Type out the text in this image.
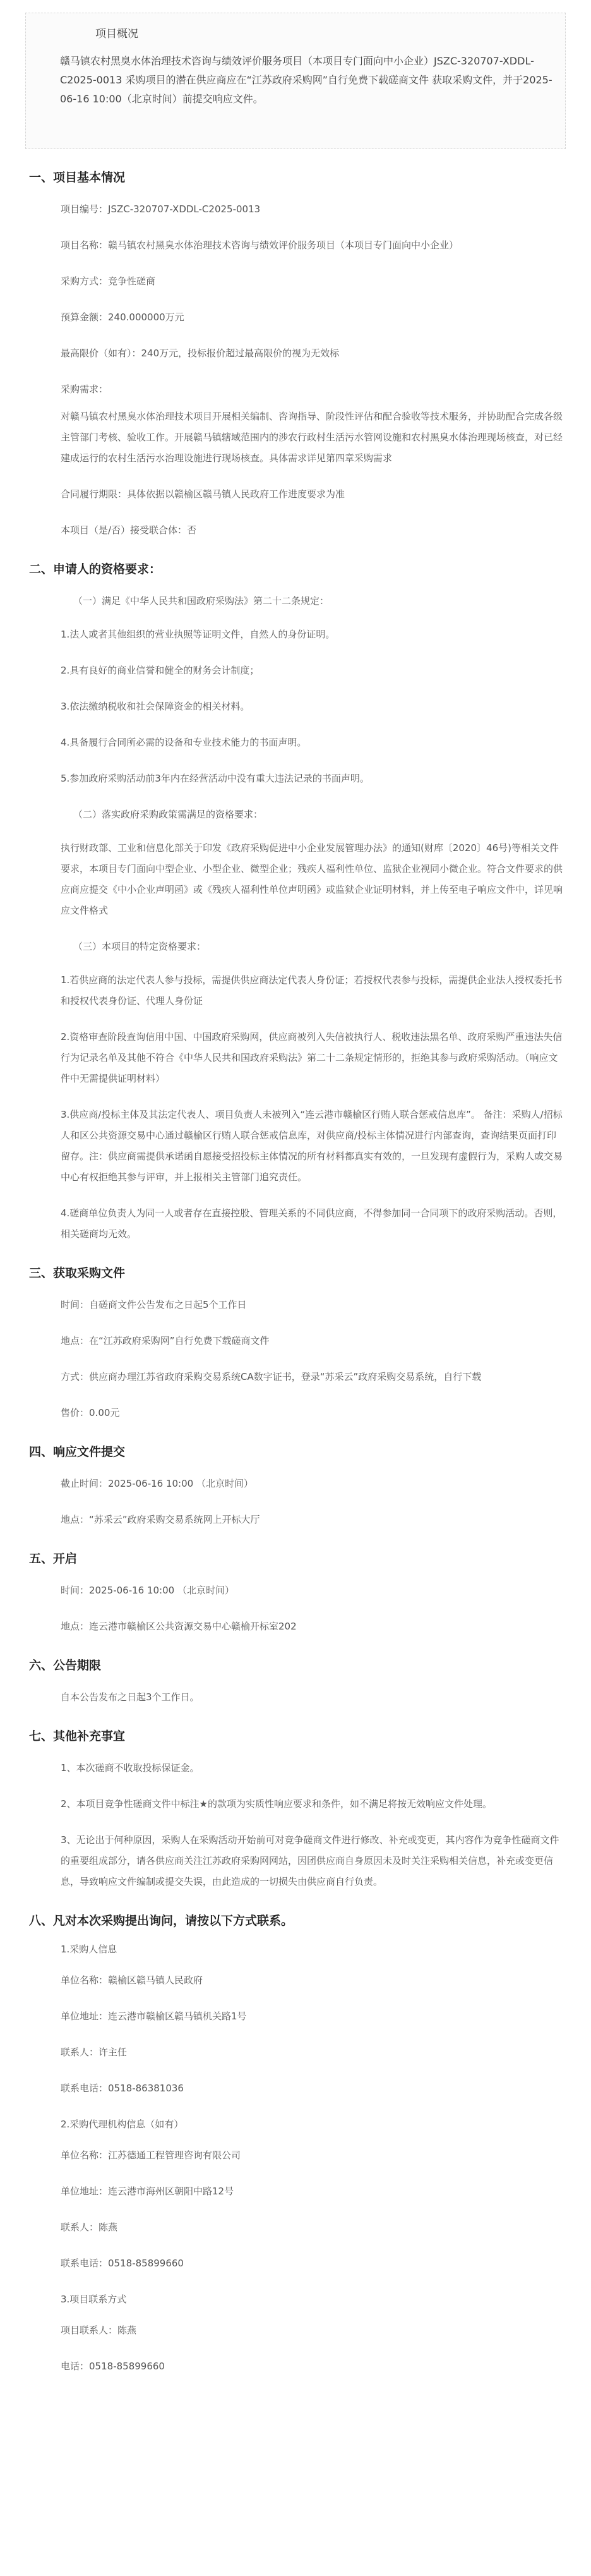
项目概况
赣马镇农村黑臭水体治理技术咨询与绩效评价服务项目（本项目专门面向中小企业）JSZC-320707-XDDL-C2025-0013 采购项目的潜在供应商应在“江苏政府采购网”自行免费下载磋商文件 获取采购文件，并于2025-06-16 10:00（北京时间）前提交响应文件。
一、项目基本情况
项目编号：JSZC-320707-XDDL-C2025-0013
项目名称：赣马镇农村黑臭水体治理技术咨询与绩效评价服务项目（本项目专门面向中小企业）
采购方式：竞争性磋商
预算金额：240.000000万元
最高限价（如有）：240万元，投标报价超过最高限价的视为无效标
采购需求：
对赣马镇农村黑臭水体治理技术项目开展相关编制、咨询指导、阶段性评估和配合验收等技术服务，并协助配合完成各级主管部门考核、验收工作。开展赣马镇辖域范围内的涉农行政村生活污水管网设施和农村黑臭水体治理现场核查，对已经建成运行的农村生活污水治理设施进行现场核查。具体需求详见第四章采购需求
合同履行期限：具体依据以赣榆区赣马镇人民政府工作进度要求为准
本项目（是/否）接受联合体：否
二、申请人的资格要求：
（一）满足《中华人民共和国政府采购法》第二十二条规定：
1.法人或者其他组织的营业执照等证明文件，自然人的身份证明。
2.具有良好的商业信誉和健全的财务会计制度；
3.依法缴纳税收和社会保障资金的相关材料。
4.具备履行合同所必需的设备和专业技术能力的书面声明。
5.参加政府采购活动前3年内在经营活动中没有重大违法记录的书面声明。
（二）落实政府采购政策需满足的资格要求：
执行财政部、工业和信息化部关于印发《政府采购促进中小企业发展管理办法》的通知(财库〔2020〕46号)等相关文件要求，本项目专门面向中型企业、小型企业、微型企业；残疾人福利性单位、监狱企业视同小微企业。符合文件要求的供应商应提交《中小企业声明函》或《残疾人福利性单位声明函》或监狱企业证明材料，并上传至电子响应文件中，详见响应文件格式
（三）本项目的特定资格要求：
1.若供应商的法定代表人参与投标，需提供供应商法定代表人身份证；若授权代表参与投标，需提供企业法人授权委托书和授权代表身份证、代理人身份证
2.资格审查阶段查询信用中国、中国政府采购网，供应商被列入失信被执行人、税收违法黑名单、政府采购严重违法失信行为记录名单及其他不符合《中华人民共和国政府采购法》第二十二条规定情形的，拒绝其参与政府采购活动。（响应文件中无需提供证明材料）
3.供应商/投标主体及其法定代表人、项目负责人未被列入“连云港市赣榆区行贿人联合惩戒信息库”。 备注：采购人/招标人和区公共资源交易中心通过赣榆区行贿人联合惩戒信息库，对供应商/投标主体情况进行内部查询，查询结果页面打印留存。注：供应商需提供承诺函自愿接受招投标主体情况的所有材料都真实有效的，一旦发现有虚假行为，采购人或交易中心有权拒绝其参与评审，并上报相关主管部门追究责任。
4.磋商单位负责人为同一人或者存在直接控股、管理关系的不同供应商，不得参加同一合同项下的政府采购活动。否则，相关磋商均无效。
三、获取采购文件
时间：自磋商文件公告发布之日起5个工作日
地点：在“江苏政府采购网”自行免费下载磋商文件
方式：供应商办理江苏省政府采购交易系统CA数字证书，登录“苏采云”政府采购交易系统，自行下载
售价：0.00元
四、响应文件提交
截止时间：2025-06-16 10:00 （北京时间）
地点：“苏采云”政府采购交易系统网上开标大厅
五、开启
时间：2025-06-16 10:00 （北京时间）
地点：连云港市赣榆区公共资源交易中心赣榆开标室202
六、公告期限
自本公告发布之日起3个工作日。
七、其他补充事宜
1、本次磋商不收取投标保证金。
2、本项目竞争性磋商文件中标注★的款项为实质性响应要求和条件，如不满足将按无效响应文件处理。
3、无论出于何种原因，采购人在采购活动开始前可对竞争磋商文件进行修改、补充或变更，其内容作为竞争性磋商文件的重要组成部分，请各供应商关注江苏政府采购网网站，因团供应商自身原因未及时关注采购相关信息，补充或变更信息，导致响应文件编制或提交失误，由此造成的一切损失由供应商自行负责。
八、凡对本次采购提出询问，请按以下方式联系。
1.采购人信息
单位名称：赣榆区赣马镇人民政府
单位地址：连云港市赣榆区赣马镇机关路1号
联系人：许主任
联系电话：0518-86381036
2.采购代理机构信息（如有）
单位名称：江苏德通工程管理咨询有限公司
单位地址：连云港市海州区朝阳中路12号
联系人：陈燕
联系电话：0518-85899660
3.项目联系方式
项目联系人：陈燕
电话：0518-85899660
